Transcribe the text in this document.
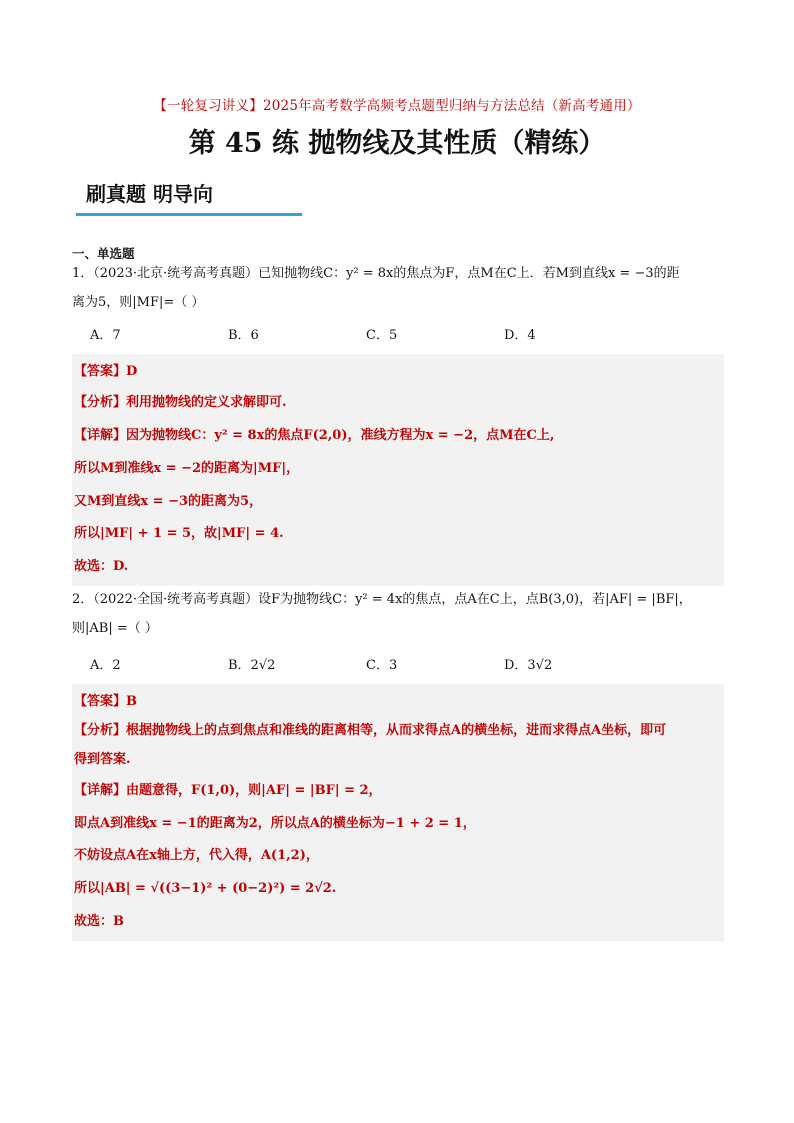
【一轮复习讲义】2025年高考数学高频考点题型归纳与方法总结（新高考通用）
第 45 练 抛物线及其性质（精练）
刷真题 明导向

一、单选题

1．（2023·北京·统考高考真题）已知抛物线C：y² = 8x的焦点为F，点M在C上．若M到直线x = −3的距

离为5，则|MF|=（ ）

A．7	B．6	C．5	D．4

【答案】D

【分析】利用抛物线的定义求解即可.

【详解】因为抛物线C：y² = 8x的焦点F(2,0)，准线方程为x = −2，点M在C上,

所以M到准线x = −2的距离为|MF|，

又M到直线x = −3的距离为5，

所以|MF| + 1 = 5，故|MF| = 4.

故选：D.

2．（2022·全国·统考高考真题）设F为抛物线C：y² = 4x的焦点，点A在C上，点B(3,0)，若|AF| = |BF|，

则|AB| =（ ）

A．2	B．2√2	C．3	D．3√2

【答案】B

【分析】根据抛物线上的点到焦点和准线的距离相等，从而求得点A的横坐标，进而求得点A坐标，即可

得到答案.

【详解】由题意得，F(1,0)，则|AF| = |BF| = 2，

即点A到准线x = −1的距离为2，所以点A的横坐标为−1 + 2 = 1，

不妨设点A在x轴上方，代入得，A(1,2)，

所以|AB| = √((3−1)² + (0−2)²) = 2√2.

故选：B
